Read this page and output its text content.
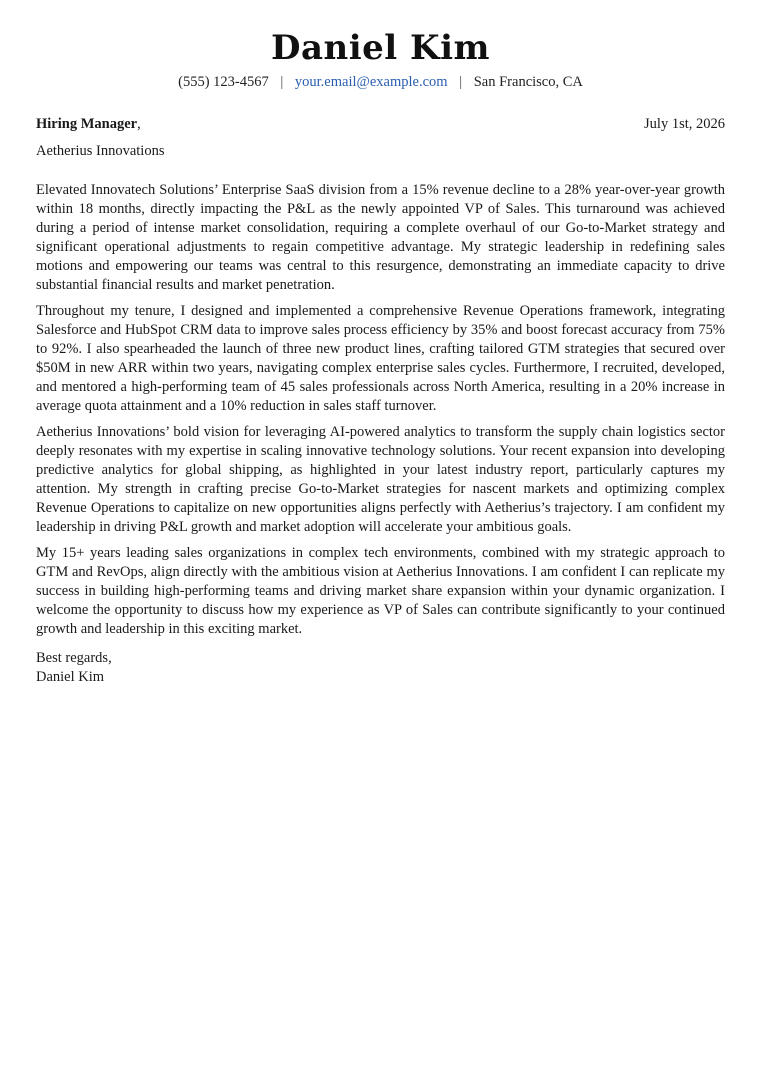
Daniel Kim
(555) 123-4567 | your.email@example.com | San Francisco, CA
Hiring Manager,	July 1st, 2026
Aetherius Innovations

Elevated Innovatech Solutions’ Enterprise SaaS division from a 15% revenue decline to a 28% year-over-year growth within 18 months, directly impacting the P&L as the newly appointed VP of Sales. This turnaround was achieved during a period of intense market consolidation, requiring a complete overhaul of our Go-to-Market strategy and significant operational adjustments to regain competitive advantage. My strategic leadership in redefining sales motions and empowering our teams was central to this resurgence, demonstrating an immediate capacity to drive substantial financial results and market penetration.

Throughout my tenure, I designed and implemented a comprehensive Revenue Operations framework, integrating Salesforce and HubSpot CRM data to improve sales process efficiency by 35% and boost forecast accuracy from 75% to 92%. I also spearheaded the launch of three new product lines, crafting tailored GTM strategies that secured over $50M in new ARR within two years, navigating complex enterprise sales cycles. Furthermore, I recruited, developed, and mentored a high-performing team of 45 sales professionals across North America, resulting in a 20% increase in average quota attainment and a 10% reduction in sales staff turnover.

Aetherius Innovations’ bold vision for leveraging AI-powered analytics to transform the supply chain logistics sector deeply resonates with my expertise in scaling innovative technology solutions. Your recent expansion into developing predictive analytics for global shipping, as highlighted in your latest industry report, particularly captures my attention. My strength in crafting precise Go-to-Market strategies for nascent markets and optimizing complex Revenue Operations to capitalize on new opportunities aligns perfectly with Aetherius’s trajectory. I am confident my leadership in driving P&L growth and market adoption will accelerate your ambitious goals.

My 15+ years leading sales organizations in complex tech environments, combined with my strategic approach to GTM and RevOps, align directly with the ambitious vision at Aetherius Innovations. I am confident I can replicate my success in building high-performing teams and driving market share expansion within your dynamic organization. I welcome the opportunity to discuss how my experience as VP of Sales can contribute significantly to your continued growth and leadership in this exciting market.

Best regards,
Daniel Kim
